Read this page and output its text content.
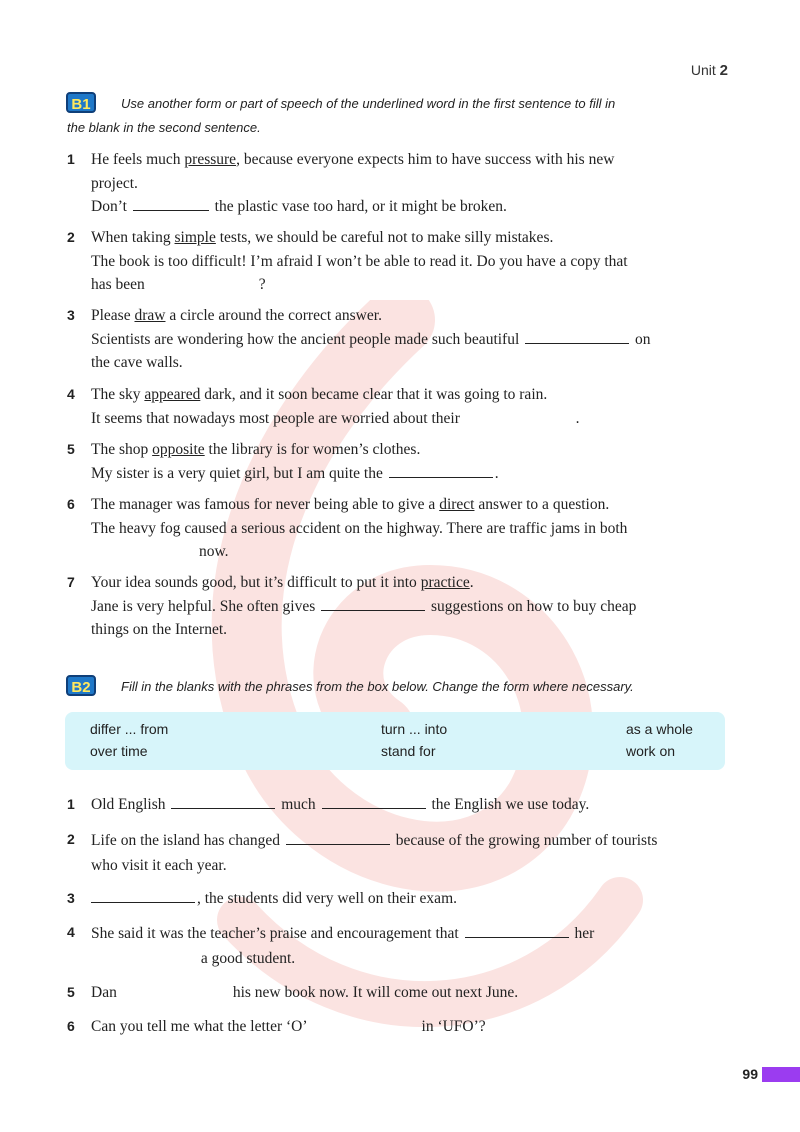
Unit 2
B1	Use another form or part of speech of the underlined word in the first sentence to fill in
the blank in the second sentence.
1	He feels much pressure, because everyone expects him to have success with his new
project.
Don’t	the plastic vase too hard, or it might be broken.
2	When taking simple tests, we should be careful not to make silly mistakes.
The book is too difficult! I’m afraid I won’t be able to read it. Do you have a copy that
has been	?
3	Please draw a circle around the correct answer.
Scientists are wondering how the ancient people made such beautiful	on
the cave walls.
4	The sky appeared dark, and it soon became clear that it was going to rain.
It seems that nowadays most people are worried about their	.
5	The shop opposite the library is for women’s clothes.
My sister is a very quiet girl, but I am quite the	.
6	The manager was famous for never being able to give a direct answer to a question.
The heavy fog caused a serious accident on the highway. There are traffic jams in both
now.
7	Your idea sounds good, but it’s difficult to put it into practice.
Jane is very helpful. She often gives	suggestions on how to buy cheap
things on the Internet.
B2	Fill in the blanks with the phrases from the box below. Change the form where necessary.
differ ... from	turn ... into	as a whole
over time	stand for	work on
1	Old English	much	the English we use today.
2	Life on the island has changed	because of the growing number of tourists
who visit it each year.
3	, the students did very well on their exam.
4	She said it was the teacher’s praise and encouragement that	her
a good student.
5	Dan	his new book now. It will come out next June.
6	Can you tell me what the letter ‘O’	in ‘UFO’?
99
